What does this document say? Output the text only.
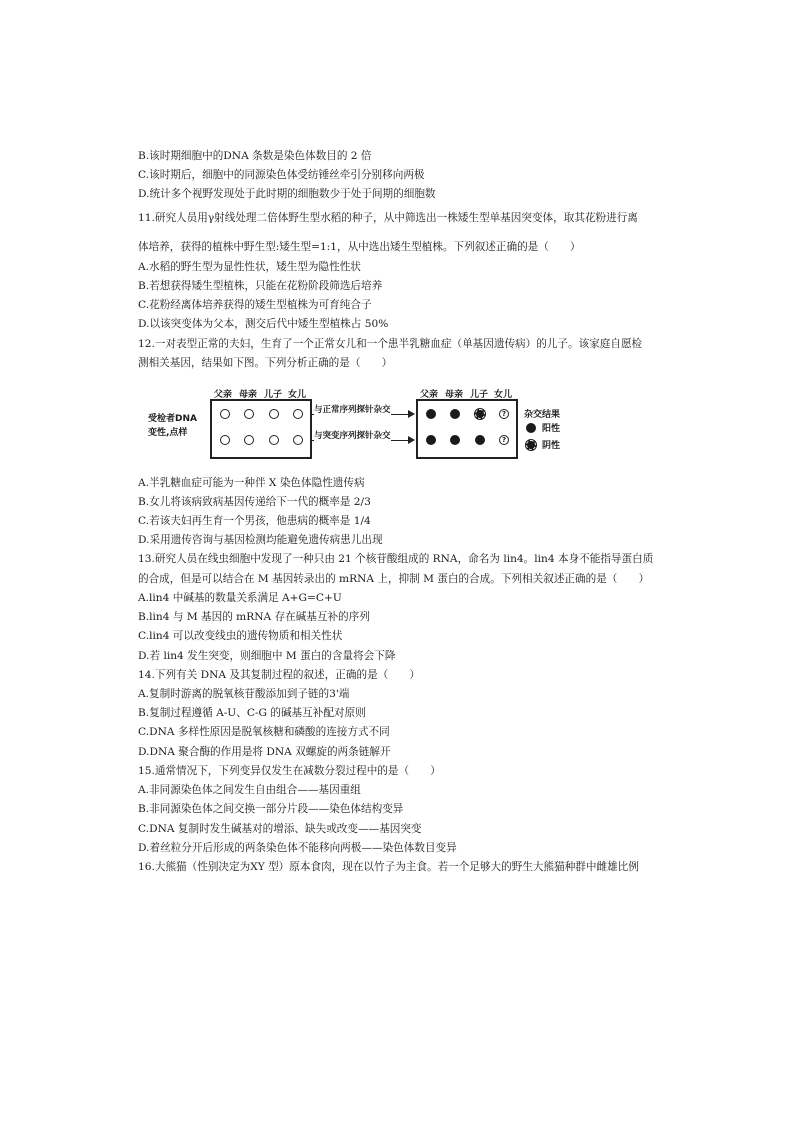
B.该时期细胞中的DNA 条数是染色体数目的 2 倍
C.该时期后，细胞中的同源染色体受纺锤丝牵引分别移向两极
D.统计多个视野发现处于此时期的细胞数少于处于间期的细胞数
11.研究人员用γ射线处理二倍体野生型水稻的种子，从中筛选出一株矮生型单基因突变体，取其花粉进行离
体培养，获得的植株中野生型:矮生型=1:1，从中选出矮生型植株。下列叙述正确的是（　　）
A.水稻的野生型为显性性状，矮生型为隐性性状
B.若想获得矮生型植株，只能在花粉阶段筛选后培养
C.花粉经离体培养获得的矮生型植株为可育纯合子
D.以该突变体为父本，测交后代中矮生型植株占 50%
12.一对表型正常的夫妇，生育了一个正常女儿和一个患半乳糖血症（单基因遗传病）的儿子。该家庭自愿检
测相关基因，结果如下图。下列分析正确的是（　　）
受检者DNA
变性,点样
父亲 母亲 儿子 女儿
与正常序列探针杂交
与突变序列探针杂交
父亲 母亲 儿子 女儿
?
?
杂交结果
阳性
阴性
A.半乳糖血症可能为一种伴 X 染色体隐性遗传病
B.女儿将该病致病基因传递给下一代的概率是 2/3
C.若该夫妇再生育一个男孩，他患病的概率是 1/4
D.采用遗传咨询与基因检测均能避免遗传病患儿出现
13.研究人员在线虫细胞中发现了一种只由 21 个核苷酸组成的 RNA，命名为 lin4。lin4 本身不能指导蛋白质
的合成，但是可以结合在 M 基因转录出的 mRNA 上，抑制 M 蛋白的合成。下列相关叙述正确的是（　　）
A.lin4 中碱基的数量关系满足 A+G=C+U
B.lin4 与 M 基因的 mRNA 存在碱基互补的序列
C.lin4 可以改变线虫的遗传物质和相关性状
D.若 lin4 发生突变，则细胞中 M 蛋白的含量将会下降
14.下列有关 DNA 及其复制过程的叙述，正确的是（　　）
A.复制时游离的脱氧核苷酸添加到子链的3'端
B.复制过程遵循 A-U、C-G 的碱基互补配对原则
C.DNA 多样性原因是脱氧核糖和磷酸的连接方式不同
D.DNA 聚合酶的作用是将 DNA 双螺旋的两条链解开
15.通常情况下，下列变异仅发生在减数分裂过程中的是（　　）
A.非同源染色体之间发生自由组合——基因重组
B.非同源染色体之间交换一部分片段——染色体结构变异
C.DNA 复制时发生碱基对的增添、缺失或改变——基因突变
D.着丝粒分开后形成的两条染色体不能移向两极——染色体数目变异
16.大熊猫（性别决定为XY 型）原本食肉，现在以竹子为主食。若一个足够大的野生大熊猫种群中雌雄比例
